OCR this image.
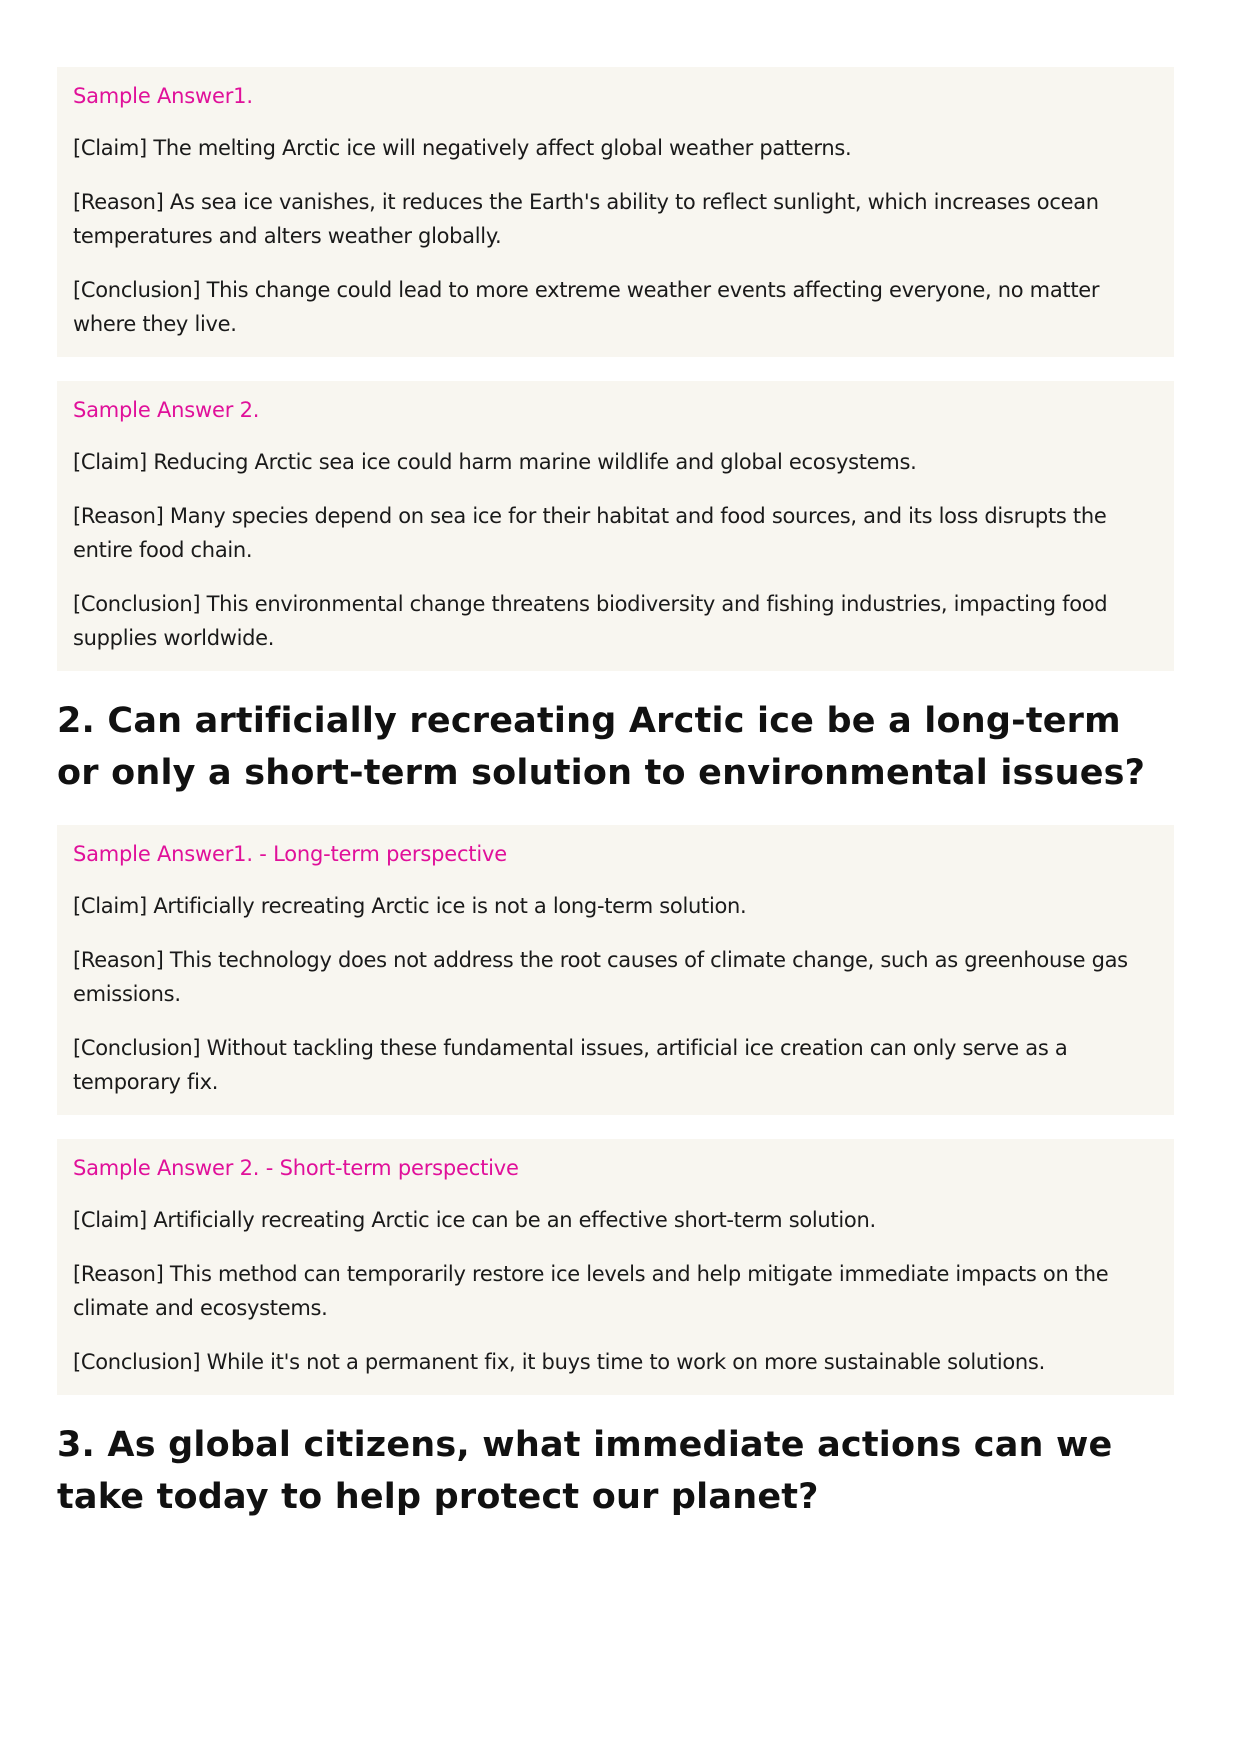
Sample Answer1.

[Claim] The melting Arctic ice will negatively affect global weather patterns.

[Reason] As sea ice vanishes, it reduces the Earth's ability to reflect sunlight, which increases ocean temperatures and alters weather globally.

[Conclusion] This change could lead to more extreme weather events affecting everyone, no matter where they live.

Sample Answer 2.

[Claim] Reducing Arctic sea ice could harm marine wildlife and global ecosystems.

[Reason] Many species depend on sea ice for their habitat and food sources, and its loss disrupts the entire food chain.

[Conclusion] This environmental change threatens biodiversity and fishing industries, impacting food supplies worldwide.

2. Can artificially recreating Arctic ice be a long-term or only a short-term solution to environmental issues?

Sample Answer1. - Long-term perspective

[Claim] Artificially recreating Arctic ice is not a long-term solution.

[Reason] This technology does not address the root causes of climate change, such as greenhouse gas emissions.

[Conclusion] Without tackling these fundamental issues, artificial ice creation can only serve as a temporary fix.

Sample Answer 2. - Short-term perspective

[Claim] Artificially recreating Arctic ice can be an effective short-term solution.

[Reason] This method can temporarily restore ice levels and help mitigate immediate impacts on the climate and ecosystems.

[Conclusion] While it's not a permanent fix, it buys time to work on more sustainable solutions.

3. As global citizens, what immediate actions can we take today to help protect our planet?
